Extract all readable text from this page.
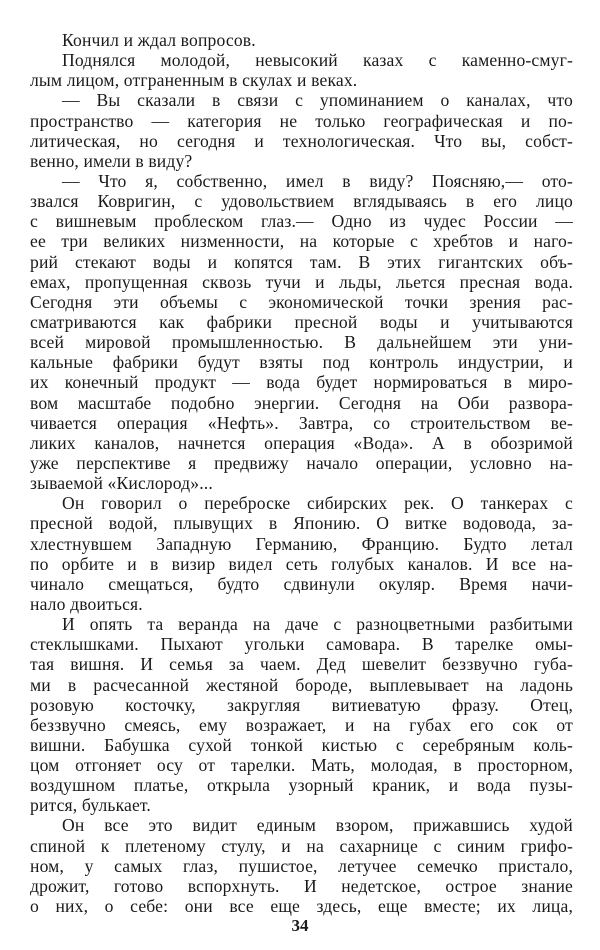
Кончил и ждал вопросов.
Поднялся молодой, невысокий казах с каменно-смуг-
лым лицом, отграненным в скулах и веках.
— Вы сказали в связи с упоминанием о каналах, что
пространство — категория не только географическая и по-
литическая, но сегодня и технологическая. Что вы, собст-
венно, имели в виду?
— Что я, собственно, имел в виду? Поясняю,— ото-
звался Ковригин, с удовольствием вглядываясь в его лицо
с вишневым проблеском глаз.— Одно из чудес России —
ее три великих низменности, на которые с хребтов и наго-
рий стекают воды и копятся там. В этих гигантских объ-
емах, пропущенная сквозь тучи и льды, льется пресная вода.
Сегодня эти объемы с экономической точки зрения рас-
сматриваются как фабрики пресной воды и учитываются
всей мировой промышленностью. В дальнейшем эти уни-
кальные фабрики будут взяты под контроль индустрии, и
их конечный продукт — вода будет нормироваться в миро-
вом масштабе подобно энергии. Сегодня на Оби развора-
чивается операция «Нефть». Завтра, со строительством ве-
ликих каналов, начнется операция «Вода». А в обозримой
уже перспективе я предвижу начало операции, условно на-
зываемой «Кислород»...
Он говорил о переброске сибирских рек. О танкерах с
пресной водой, плывущих в Японию. О витке водовода, за-
хлестнувшем Западную Германию, Францию. Будто летал
по орбите и в визир видел сеть голубых каналов. И все на-
чинало смещаться, будто сдвинули окуляр. Время начи-
нало двоиться.
И опять та веранда на даче с разноцветными разбитыми
стеклышками. Пыхают угольки самовара. В тарелке омы-
тая вишня. И семья за чаем. Дед шевелит беззвучно губа-
ми в расчесанной жестяной бороде, выплевывает на ладонь
розовую косточку, закругляя витиеватую фразу. Отец,
беззвучно смеясь, ему возражает, и на губах его сок от
вишни. Бабушка сухой тонкой кистью с серебряным коль-
цом отгоняет осу от тарелки. Мать, молодая, в просторном,
воздушном платье, открыла узорный краник, и вода пузы-
рится, булькает.
Он все это видит единым взором, прижавшись худой
спиной к плетеному стулу, и на сахарнице с синим грифо-
ном, у самых глаз, пушистое, летучее семечко пристало,
дрожит, готово вспорхнуть. И недетское, острое знание
о них, о себе: они все еще здесь, еще вместе; их лица,
34
